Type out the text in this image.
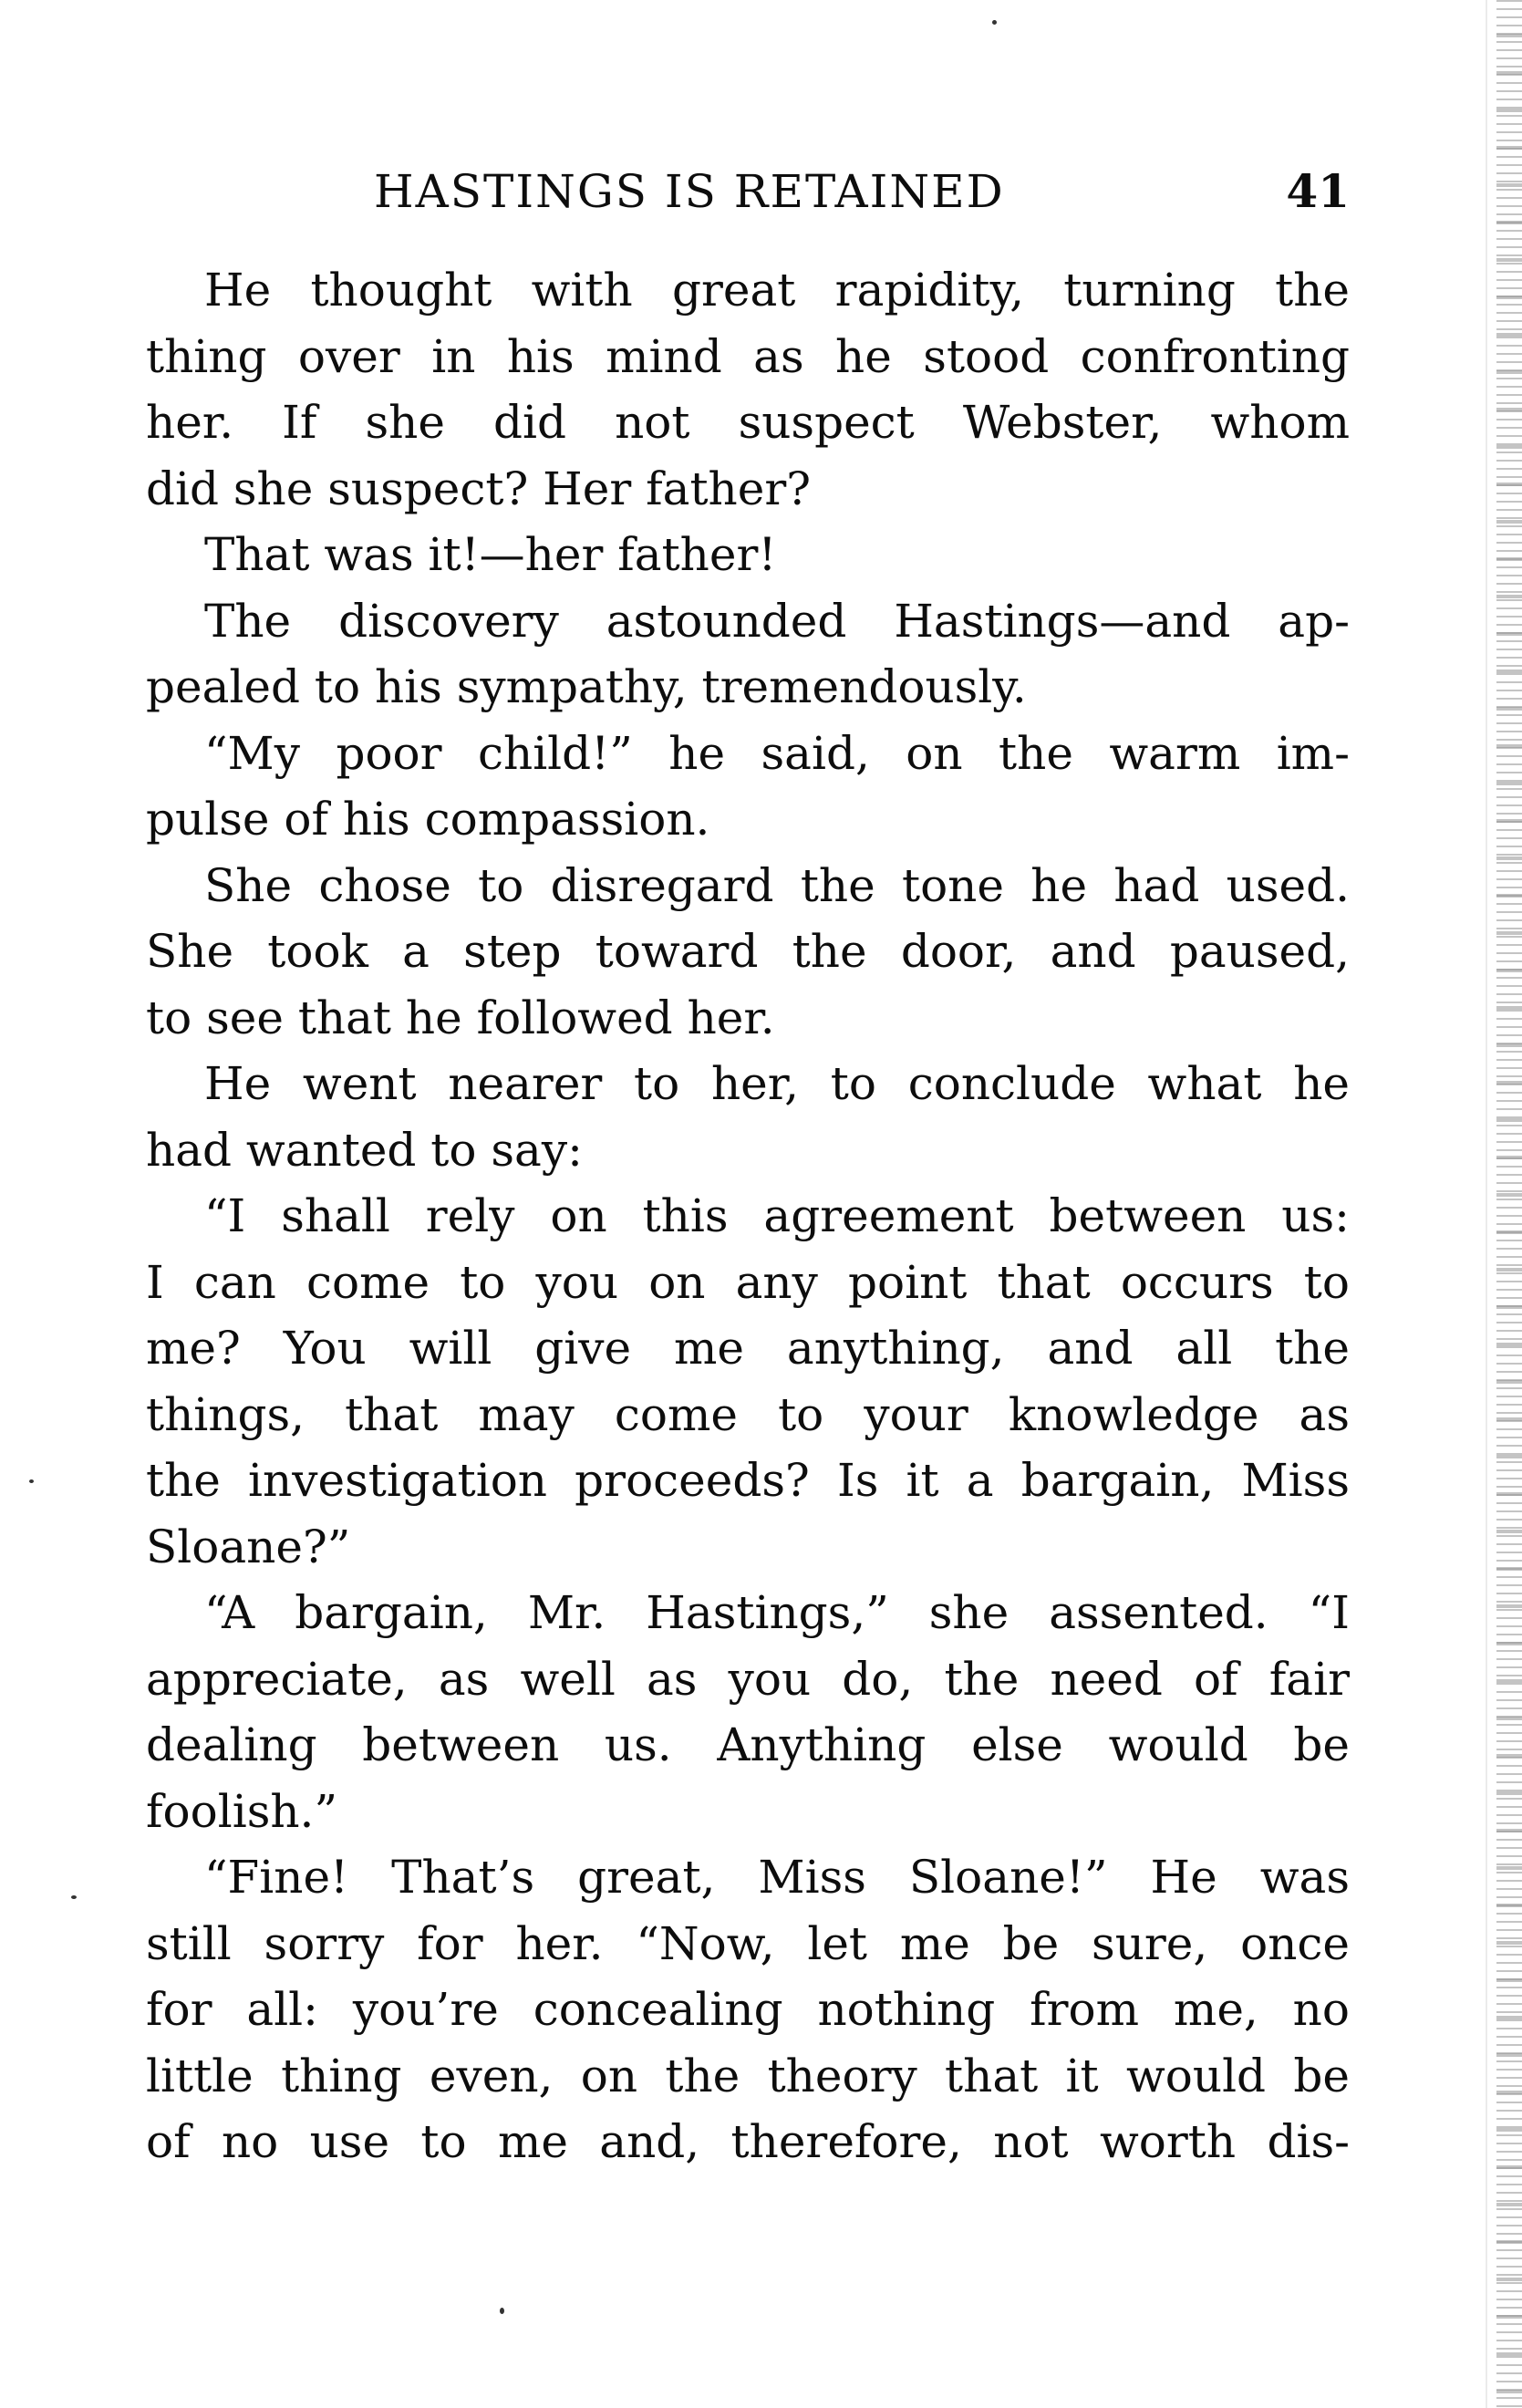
HASTINGS IS RETAINED	41

He thought with great rapidity, turning the
thing over in his mind as he stood confronting
her. If she did not suspect Webster, whom
did she suspect? Her father?

That was it!—her father!

The discovery astounded Hastings—and ap-
pealed to his sympathy, tremendously.

“My poor child!” he said, on the warm im-
pulse of his compassion.

She chose to disregard the tone he had used.
She took a step toward the door, and paused,
to see that he followed her.

He went nearer to her, to conclude what he
had wanted to say:

“I shall rely on this agreement between us:
I can come to you on any point that occurs to
me? You will give me anything, and all the
things, that may come to your knowledge as
the investigation proceeds? Is it a bargain, Miss
Sloane?”

“A bargain, Mr. Hastings,” she assented. “I
appreciate, as well as you do, the need of fair
dealing between us. Anything else would be
foolish.”

“Fine! That’s great, Miss Sloane!” He was
still sorry for her. “Now, let me be sure, once
for all: you’re concealing nothing from me, no
little thing even, on the theory that it would be
of no use to me and, therefore, not worth dis-
